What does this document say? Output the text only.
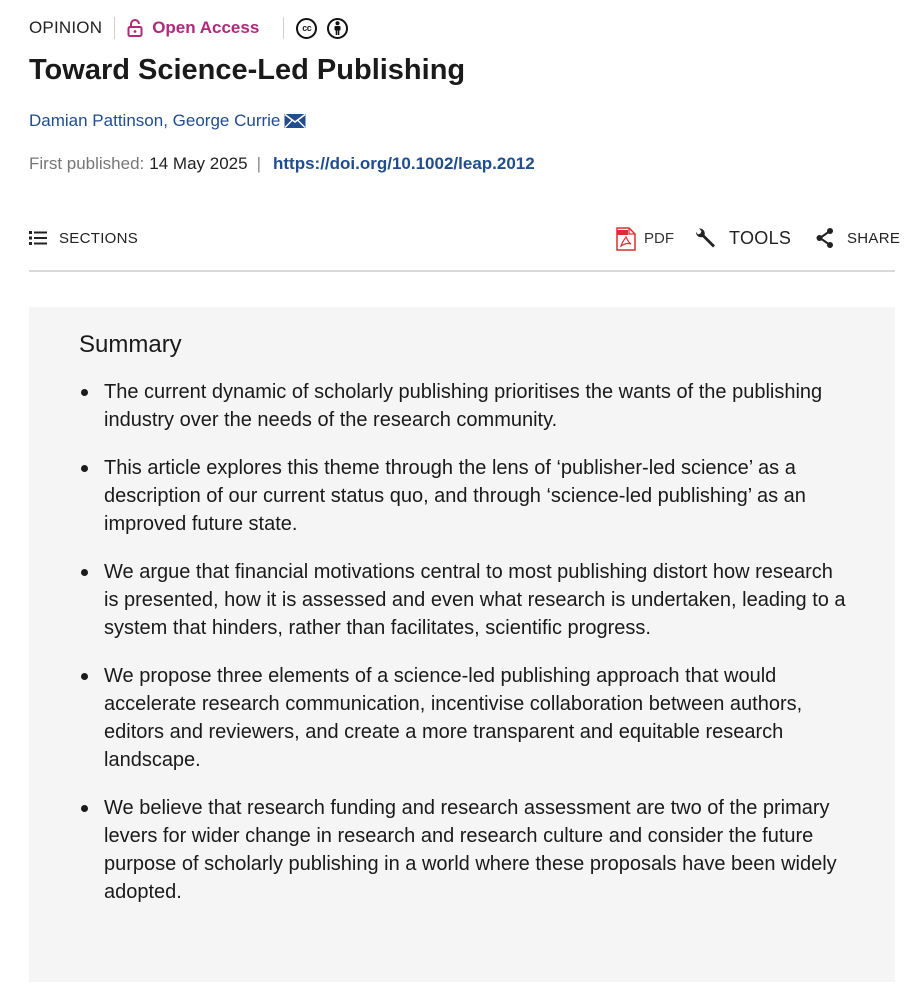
OPINION	Open Access	cc
Toward Science-Led Publishing
Damian Pattinson ,
George Currie
First published: 14 May 2025 | https://doi.org/10.1002/leap.2012
SECTIONS	PDF	TOOLS	SHARE
Summary
The current dynamic of scholarly publishing prioritises the wants of the publishing industry over the needs of the research community.
This article explores this theme through the lens of ‘publisher-led science’ as a description of our current status quo, and through ‘science-led publishing’ as an improved future state.
We argue that financial motivations central to most publishing distort how research is presented, how it is assessed and even what research is undertaken, leading to a system that hinders, rather than facilitates, scientific progress.
We propose three elements of a science-led publishing approach that would accelerate research communication, incentivise collaboration between authors, editors and reviewers, and create a more transparent and equitable research landscape.
We believe that research funding and research assessment are two of the primary levers for wider change in research and research culture and consider the future purpose of scholarly publishing in a world where these proposals have been widely adopted.
